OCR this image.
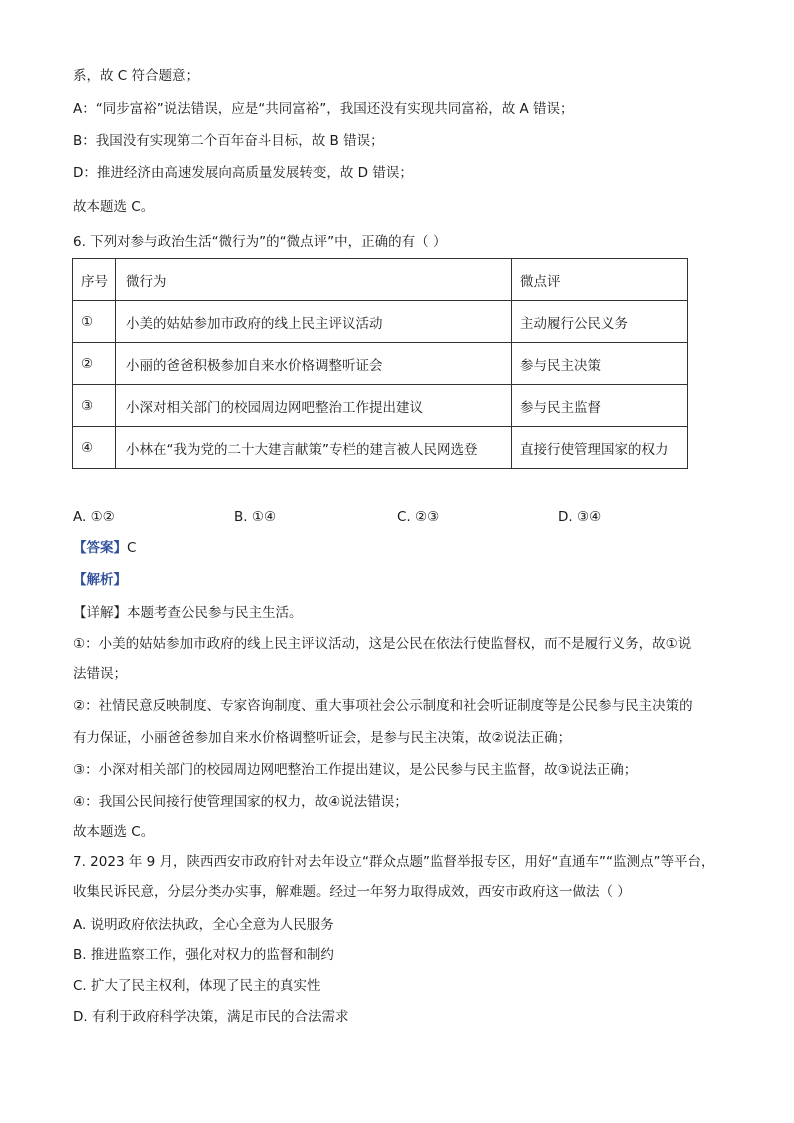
系，故 C 符合题意；
A：“同步富裕”说法错误，应是“共同富裕”，我国还没有实现共同富裕，故 A 错误；
B：我国没有实现第二个百年奋斗目标，故 B 错误；
D：推进经济由高速发展向高质量发展转变，故 D 错误；
故本题选 C。
6. 下列对参与政治生活“微行为”的“微点评”中，正确的有（ ）
序号	微行为	微点评
①	小美的姑姑参加市政府的线上民主评议活动	主动履行公民义务
②	小丽的爸爸积极参加自来水价格调整听证会	参与民主决策
③	小深对相关部门的校园周边网吧整治工作提出建议	参与民主监督
④	小林在“我为党的二十大建言献策”专栏的建言被人民网选登	直接行使管理国家的权力
A. ①②	B. ①④	C. ②③	D. ③④
【答案】C
【解析】
【详解】本题考查公民参与民主生活。
①：小美的姑姑参加市政府的线上民主评议活动，这是公民在依法行使监督权，而不是履行义务，故①说
法错误；
②：社情民意反映制度、专家咨询制度、重大事项社会公示制度和社会听证制度等是公民参与民主决策的
有力保证，小丽爸爸参加自来水价格调整听证会，是参与民主决策，故②说法正确；
③：小深对相关部门的校园周边网吧整治工作提出建议，是公民参与民主监督，故③说法正确；
④：我国公民间接行使管理国家的权力，故④说法错误；
故本题选 C。
7. 2023 年 9 月，陕西西安市政府针对去年设立“群众点题”监督举报专区，用好“直通车”“监测点”等平台，
收集民诉民意，分层分类办实事，解难题。经过一年努力取得成效，西安市政府这一做法（ ）
A. 说明政府依法执政，全心全意为人民服务
B. 推进监察工作，强化对权力的监督和制约
C. 扩大了民主权利，体现了民主的真实性
D. 有利于政府科学决策，满足市民的合法需求
